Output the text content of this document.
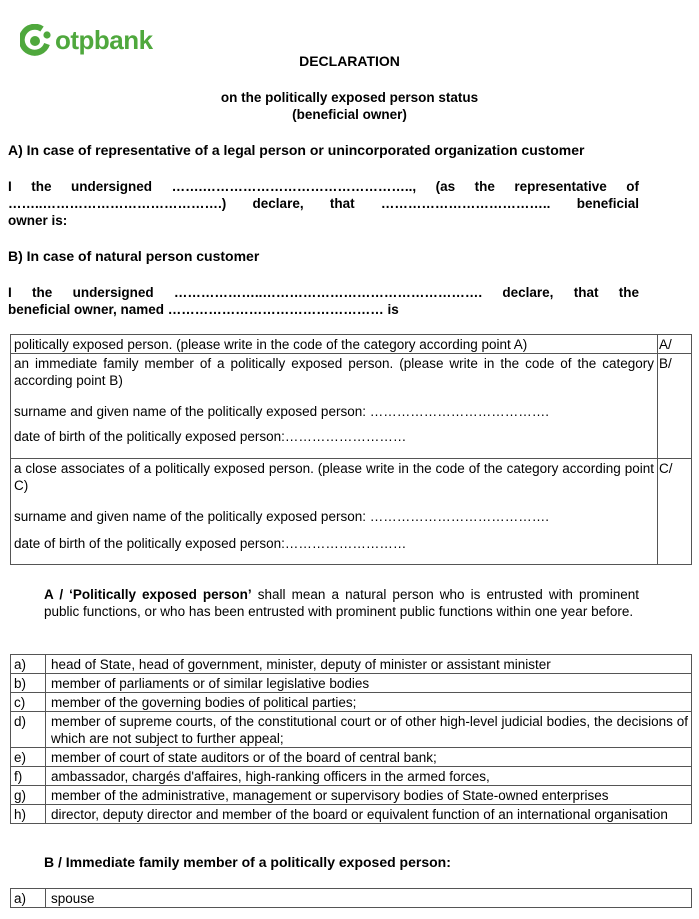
otpbank
DECLARATION
on the politically exposed person status
(beneficial owner)
A) In case of representative of a legal person or unincorporated organization customer
I the undersigned …….……………………………………….., (as the representative of
……..………………………………….) declare, that ……………………………….. beneficial
owner is:
B) In case of natural person customer
I the undersigned ………………..…………………………………………. declare, that the
beneficial owner, named ………………………………………… is
politically exposed person. (please write in the code of the category according point A)	A/
an immediate family member of a politically exposed person. (please write in the code of the category according point B)
surname and given name of the politically exposed person: ………………………………….
date of birth of the politically exposed person:………………………	B/
a close associates of a politically exposed person. (please write in the code of the category according point C)
surname and given name of the politically exposed person: ………………………………….
date of birth of the politically exposed person:………………………	C/
A / ‘Politically exposed person’ shall mean a natural person who is entrusted with prominent public functions, or who has been entrusted with prominent public functions within one year before.
a)	head of State, head of government, minister, deputy of minister or assistant minister
b)	member of parliaments or of similar legislative bodies
c)	member of the governing bodies of political parties;
d)	member of supreme courts, of the constitutional court or of other high-level judicial bodies, the decisions of which are not subject to further appeal;
e)	member of court of state auditors or of the board of central bank;
f)	ambassador, chargés d'affaires, high-ranking officers in the armed forces,
g)	member of the administrative, management or supervisory bodies of State-owned enterprises
h)	director, deputy director and member of the board or equivalent function of an international organisation
B / Immediate family member of a politically exposed person:
a)	spouse
